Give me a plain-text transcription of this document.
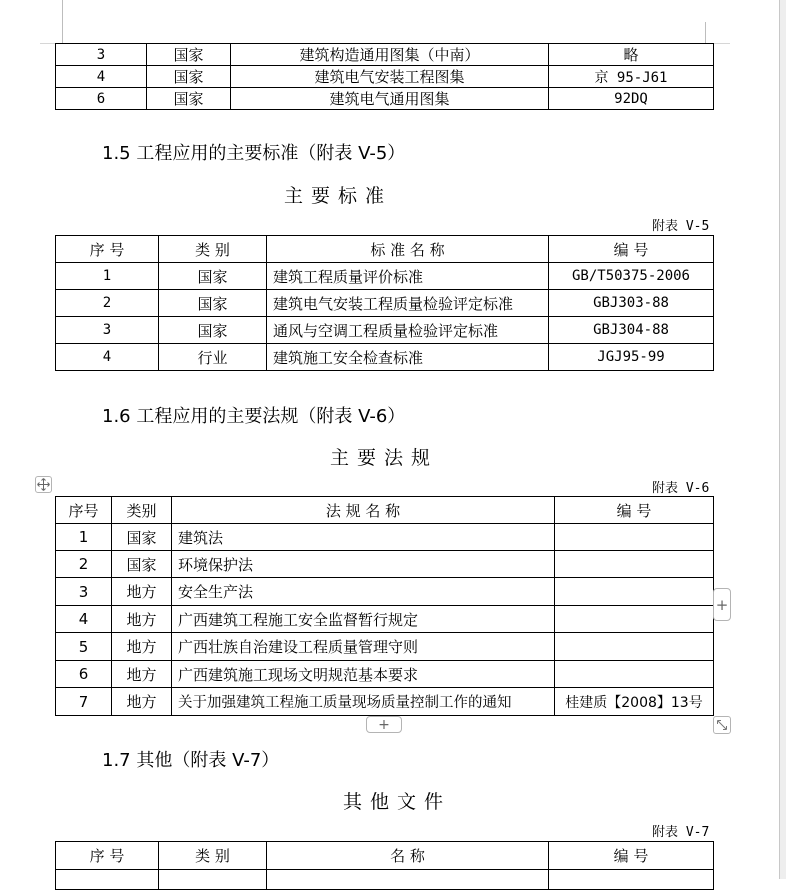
3	国家	建筑构造通用图集（中南）	略
4	国家	建筑电气安装工程图集	京 95-J61
6	国家	建筑电气通用图集	92DQ
1.5 工程应用的主要标准（附表 V-5）
主要标准
附表 V-5
序 号	类 别	标 准 名 称	编 号
1	国家	建筑工程质量评价标准	GB/T50375-2006
2	国家	建筑电气安装工程质量检验评定标准	GBJ303-88
3	国家	通风与空调工程质量检验评定标准	GBJ304-88
4	行业	建筑施工安全检查标准	JGJ95-99
1.6 工程应用的主要法规（附表 V-6）
主要法规
附表 V-6
序号	类别	法 规 名 称	编 号
1	国家	建筑法	
2	国家	环境保护法	
3	地方	安全生产法	
4	地方	广西建筑工程施工安全监督暂行规定	
5	地方	广西壮族自治建设工程质量管理守则	
6	地方	广西建筑施工现场文明规范基本要求	
7	地方	关于加强建筑工程施工质量现场质量控制工作的通知	桂建质【2008】13号
+
+
1.7 其他（附表 V-7）
其他文件
附表 V-7
序 号	类 别	名 称	编 号
